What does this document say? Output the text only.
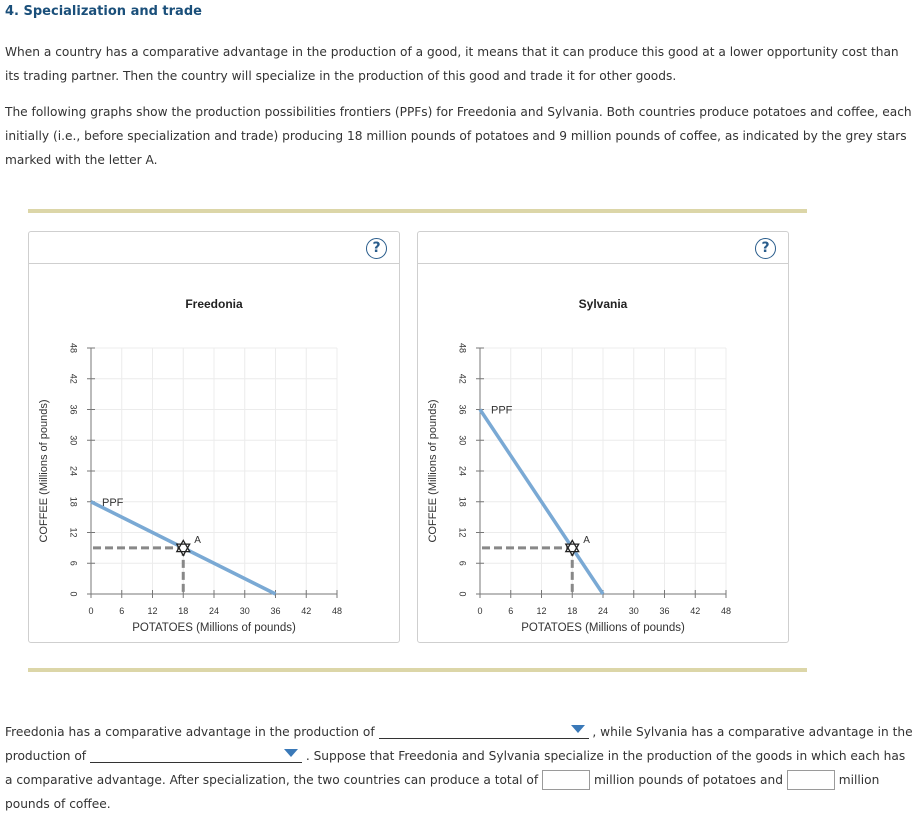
4. Specialization and trade

When a country has a comparative advantage in the production of a good, it means that it can produce this good at a lower opportunity cost than its trading partner. Then the country will specialize in the production of this good and trade it for other goods.

The following graphs show the production possibilities frontiers (PPFs) for Freedonia and Sylvania. Both countries produce potatoes and coffee, each initially (i.e., before specialization and trade) producing 18 million pounds of potatoes and 9 million pounds of coffee, as indicated by the grey stars marked with the letter A.

?
Freedonia
0
0
6
6
12
12
18
18
24
24
30
30
36
36
42
42
48
48
POTATOES (Millions of pounds)
COFFEE (Millions of pounds)	PPF
A
?
Sylvania
0
0
6
6
12
12
18
18
24
24
30
30
36
36
42
42
48
48
POTATOES (Millions of pounds)
COFFEE (Millions of pounds)	PPF
A

Freedonia has a comparative advantage in the production of	, while Sylvania has a comparative advantage in the production of	. Suppose that Freedonia and Sylvania specialize in the production of the goods in which each has a comparative advantage. After specialization, the two countries can produce a total of	million pounds of potatoes and	million pounds of coffee.
